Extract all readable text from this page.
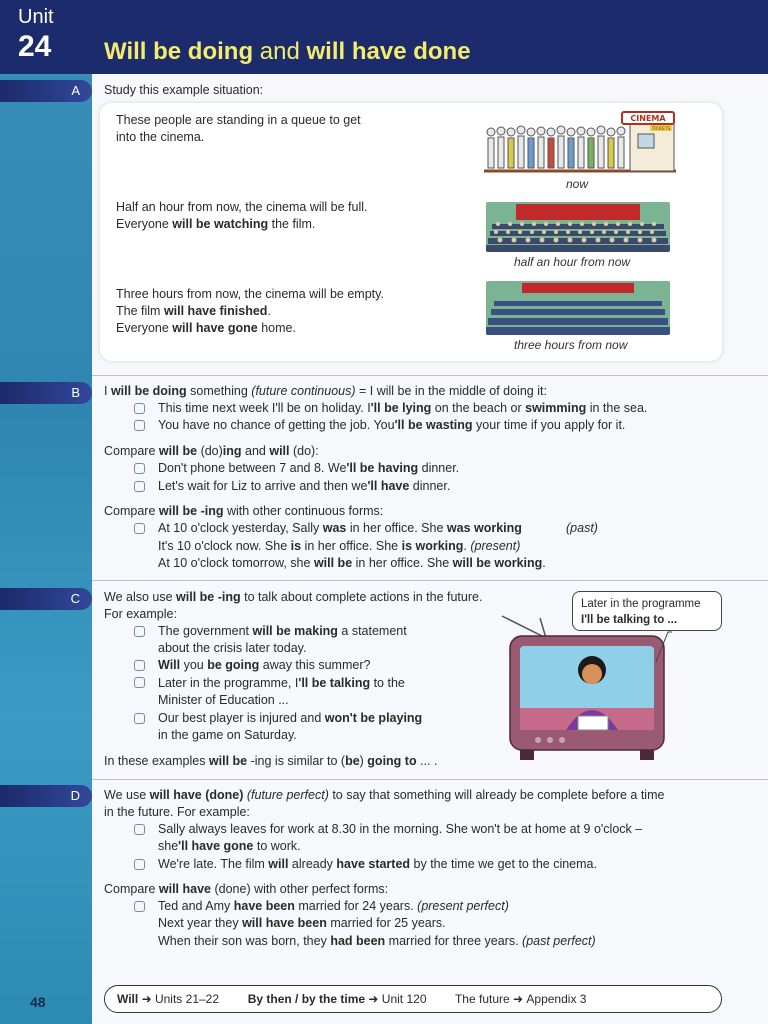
Unit
24 Will be doing and will have done
A
B
C
D
Study this example situation:
These people are standing in a queue to get
into the cinema.
Half an hour from now, the cinema will be full.
Everyone will be watching the film.
Three hours from now, the cinema will be empty.
The film will have finished.
Everyone will have gone home.
CINEMA
TICKETS
now
half an hour from now
three hours from now
I will be doing something (future continuous) = I will be in the middle of doing it:
This time next week I'll be on holiday. I'll be lying on the beach or swimming in the sea.
You have no chance of getting the job. You'll be wasting your time if you apply for it.
Compare will be (do)ing and will (do):
Don't phone between 7 and 8. We'll be having dinner.
Let's wait for Liz to arrive and then we'll have dinner.
Compare will be -ing with other continuous forms:
At 10 o'clock yesterday, Sally was in her office. She was working	(past)
It's 10 o'clock now. She is in her office. She is working. (present)
At 10 o'clock tomorrow, she will be in her office. She will be working.
We also use will be -ing to talk about complete actions in the future.
For example:
The government will be making a statement
about the crisis later today.
Will you be going away this summer?
Later in the programme, I'll be talking to the
Minister of Education ...
Our best player is injured and won't be playing
in the game on Saturday.
In these examples will be -ing is similar to (be) going to ... .
Later in the programme
I'll be talking to ...
We use will have (done) (future perfect) to say that something will already be complete before a time
in the future. For example:
Sally always leaves for work at 8.30 in the morning. She won't be at home at 9 o'clock –
she'll have gone to work.
We're late. The film will already have started by the time we get to the cinema.
Compare will have (done) with other perfect forms:
Ted and Amy have been married for 24 years. (present perfect)
Next year they will have been married for 25 years.
When their son was born, they had been married for three years. (past perfect)
48	Will ➜ Units 21–22 By then / by the time ➜ Unit 120 The future ➜ Appendix 3
